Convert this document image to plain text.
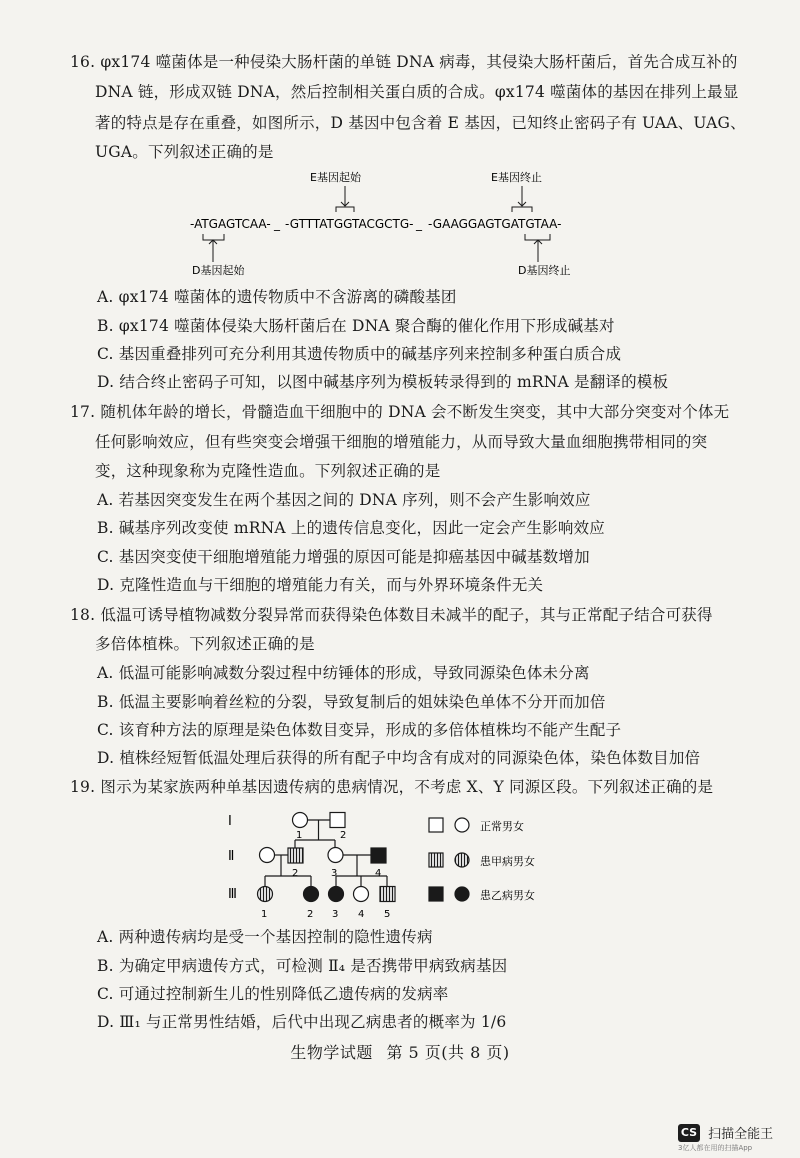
16. φx174 噬菌体是一种侵染大肠杆菌的单链 DNA 病毒，其侵染大肠杆菌后，首先合成互补的
DNA 链，形成双链 DNA，然后控制相关蛋白质的合成。φx174 噬菌体的基因在排列上最显
著的特点是存在重叠，如图所示，D 基因中包含着 E 基因，已知终止密码子有 UAA、UAG、
UGA。下列叙述正确的是
E基因起始	E基因终止
-ATGAGTCAA- _ -GTTTATGGTACGCTG- _ -GAAGGAGTGATGTAA-
D基因起始	D基因终止
A. φx174 噬菌体的遗传物质中不含游离的磷酸基团
B. φx174 噬菌体侵染大肠杆菌后在 DNA 聚合酶的催化作用下形成碱基对
C. 基因重叠排列可充分利用其遗传物质中的碱基序列来控制多种蛋白质合成
D. 结合终止密码子可知，以图中碱基序列为模板转录得到的 mRNA 是翻译的模板
17. 随机体年龄的增长，骨髓造血干细胞中的 DNA 会不断发生突变，其中大部分突变对个体无
任何影响效应，但有些突变会增强干细胞的增殖能力，从而导致大量血细胞携带相同的突
变，这种现象称为克隆性造血。下列叙述正确的是
A. 若基因突变发生在两个基因之间的 DNA 序列，则不会产生影响效应
B. 碱基序列改变使 mRNA 上的遗传信息变化，因此一定会产生影响效应
C. 基因突变使干细胞增殖能力增强的原因可能是抑癌基因中碱基数增加
D. 克隆性造血与干细胞的增殖能力有关，而与外界环境条件无关
18. 低温可诱导植物减数分裂异常而获得染色体数目未减半的配子，其与正常配子结合可获得
多倍体植株。下列叙述正确的是
A. 低温可能影响减数分裂过程中纺锤体的形成，导致同源染色体未分离
B. 低温主要影响着丝粒的分裂，导致复制后的姐妹染色单体不分开而加倍
C. 该育种方法的原理是染色体数目变异，形成的多倍体植株均不能产生配子
D. 植株经短暂低温处理后获得的所有配子中均含有成对的同源染色体，染色体数目加倍
19. 图示为某家族两种单基因遗传病的患病情况，不考虑 X、Y 同源区段。下列叙述正确的是
Ⅰ
Ⅱ
Ⅲ
1	2
2	3	4
1	2 3 4 5
正常男女
患甲病男女
患乙病男女
A. 两种遗传病均是受一个基因控制的隐性遗传病
B. 为确定甲病遗传方式，可检测 Ⅱ₄ 是否携带甲病致病基因
C. 可通过控制新生儿的性别降低乙遗传病的发病率
D. Ⅲ₁ 与正常男性结婚，后代中出现乙病患者的概率为 1/6
生物学试题 第 5 页(共 8 页)
CS 扫描全能王
3亿人都在用的扫描App
